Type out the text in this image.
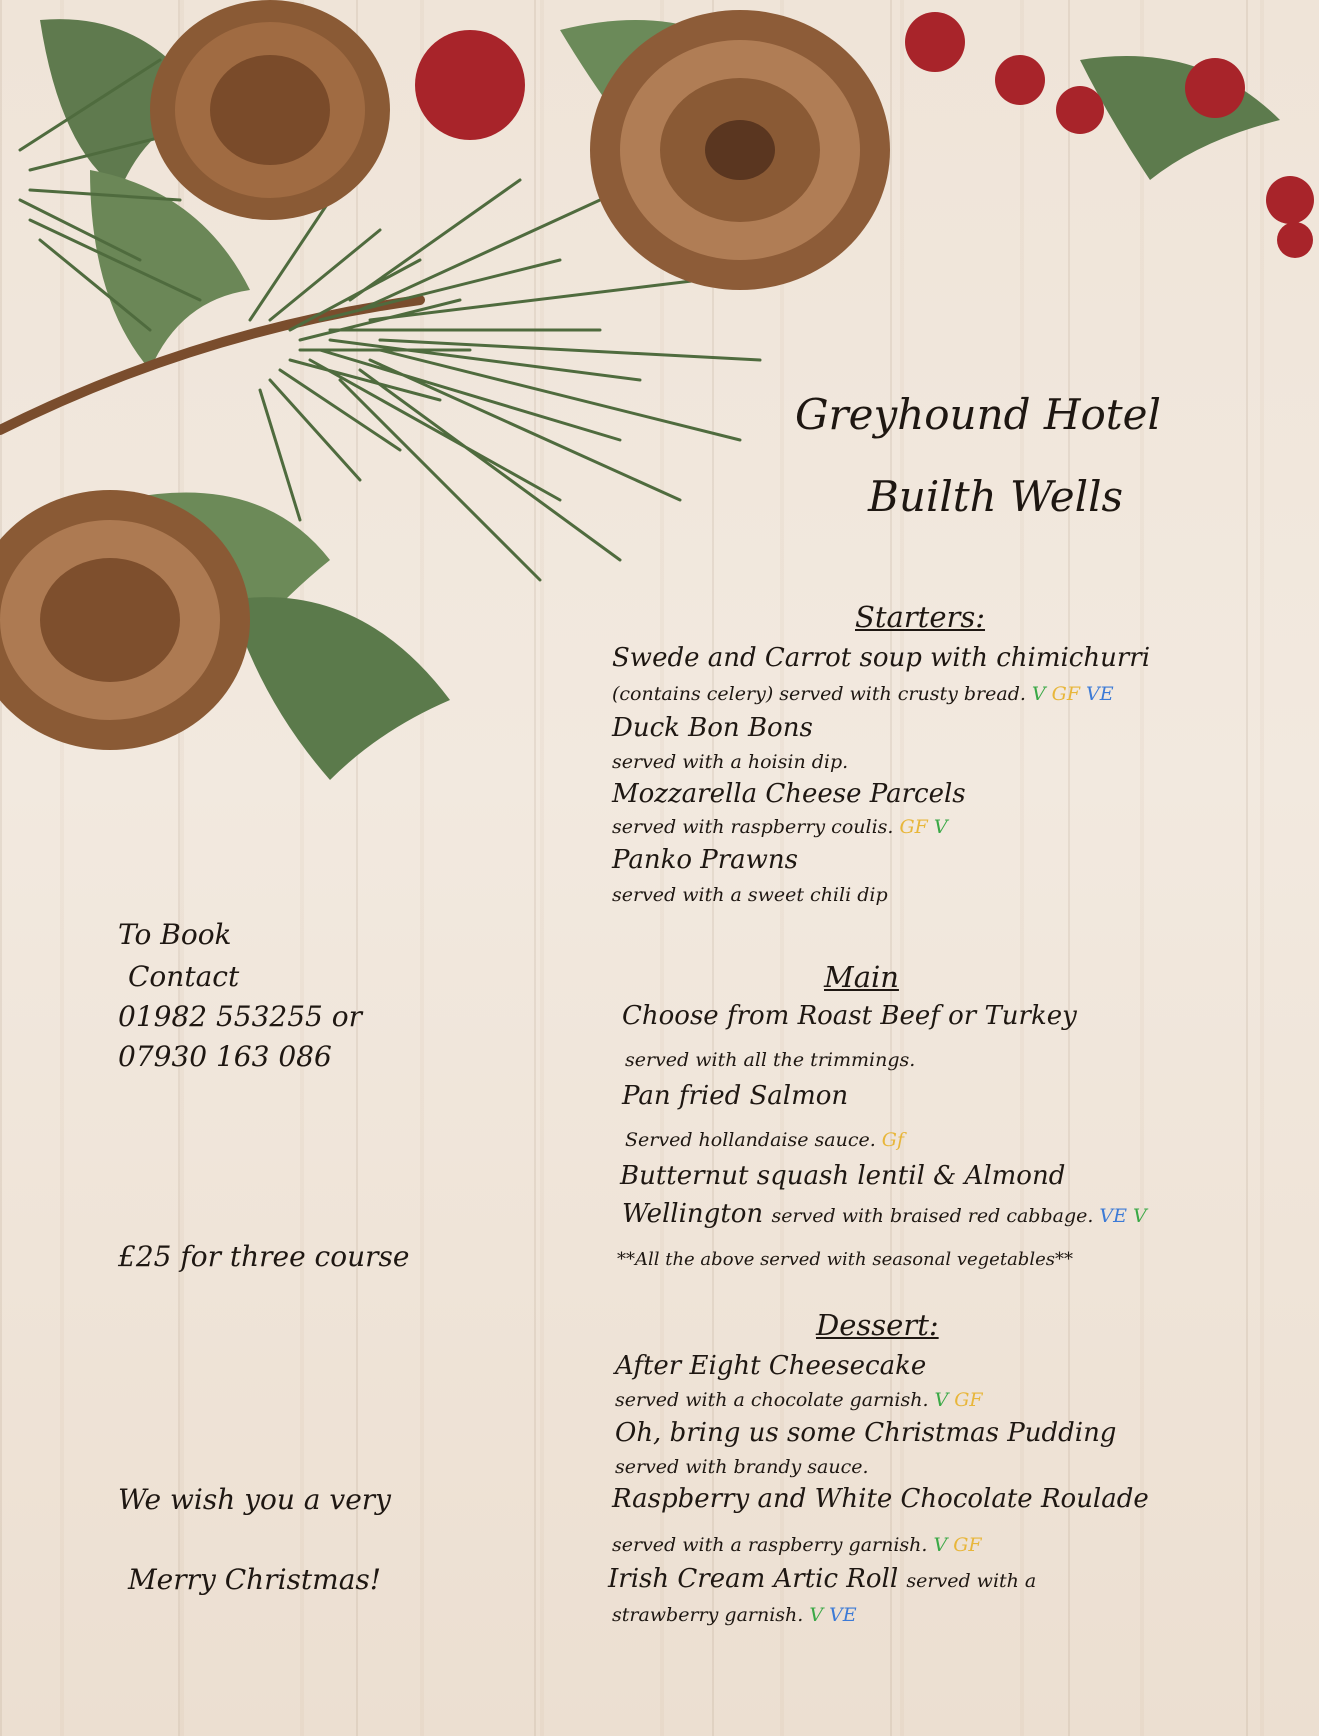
Greyhound Hotel
Builth Wells
Starters:
Swede and Carrot soup with chimichurri
(contains celery) served with crusty bread. V GF VE
Duck Bon Bons
served with a hoisin dip.
Mozzarella Cheese Parcels
served with raspberry coulis. GF V
Panko Prawns
served with a sweet chili dip
To Book
Contact
01982 553255 or
07930 163 086
£25 for three course
We wish you a very
Merry Christmas!
Main
Choose from Roast Beef or Turkey
served with all the trimmings.
Pan fried Salmon
Served hollandaise sauce. Gf
Butternut squash lentil & Almond
Wellington served with braised red cabbage. VE V
**All the above served with seasonal vegetables**
Dessert:
After Eight Cheesecake
served with a chocolate garnish. V GF
Oh, bring us some Christmas Pudding
served with brandy sauce.
Raspberry and White Chocolate Roulade
served with a raspberry garnish. V GF
Irish Cream Artic Roll served with a
strawberry garnish. V VE
